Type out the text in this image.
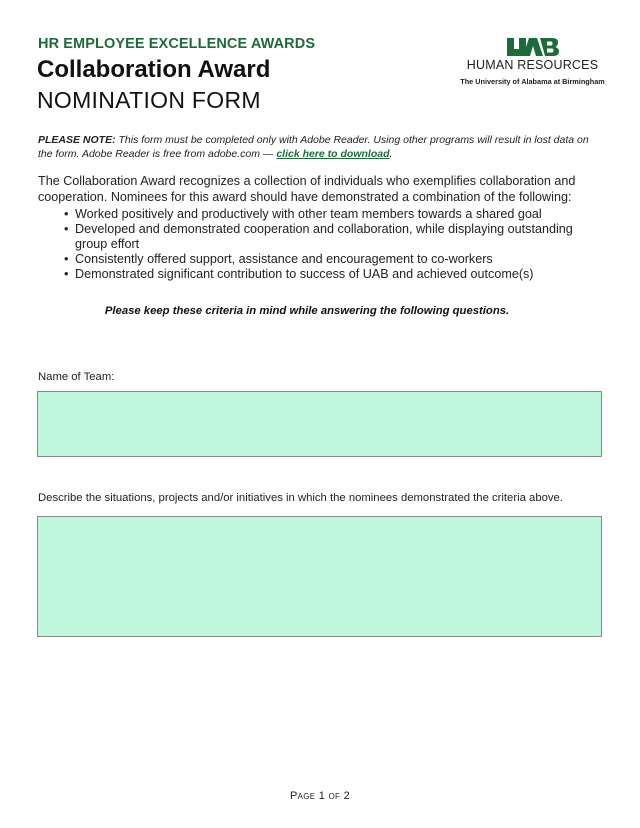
HR EMPLOYEE EXCELLENCE AWARDS
Collaboration Award
NOMINATION FORM
HUMAN RESOURCES
The University of Alabama at Birmingham
PLEASE NOTE: This form must be completed only with Adobe Reader. Using other programs will result in lost data on the form. Adobe Reader is free from adobe.com — click here to download.
The Collaboration Award recognizes a collection of individuals who exemplifies collaboration and cooperation. Nominees for this award should have demonstrated a combination of the following:
• Worked positively and productively with other team members towards a shared goal
• Developed and demonstrated cooperation and collaboration, while displaying outstanding group effort
• Consistently offered support, assistance and encouragement to co-workers
• Demonstrated significant contribution to success of UAB and achieved outcome(s)
Please keep these criteria in mind while answering the following questions.
Name of Team:
Describe the situations, projects and/or initiatives in which the nominees demonstrated the criteria above.
Page 1 of 2
